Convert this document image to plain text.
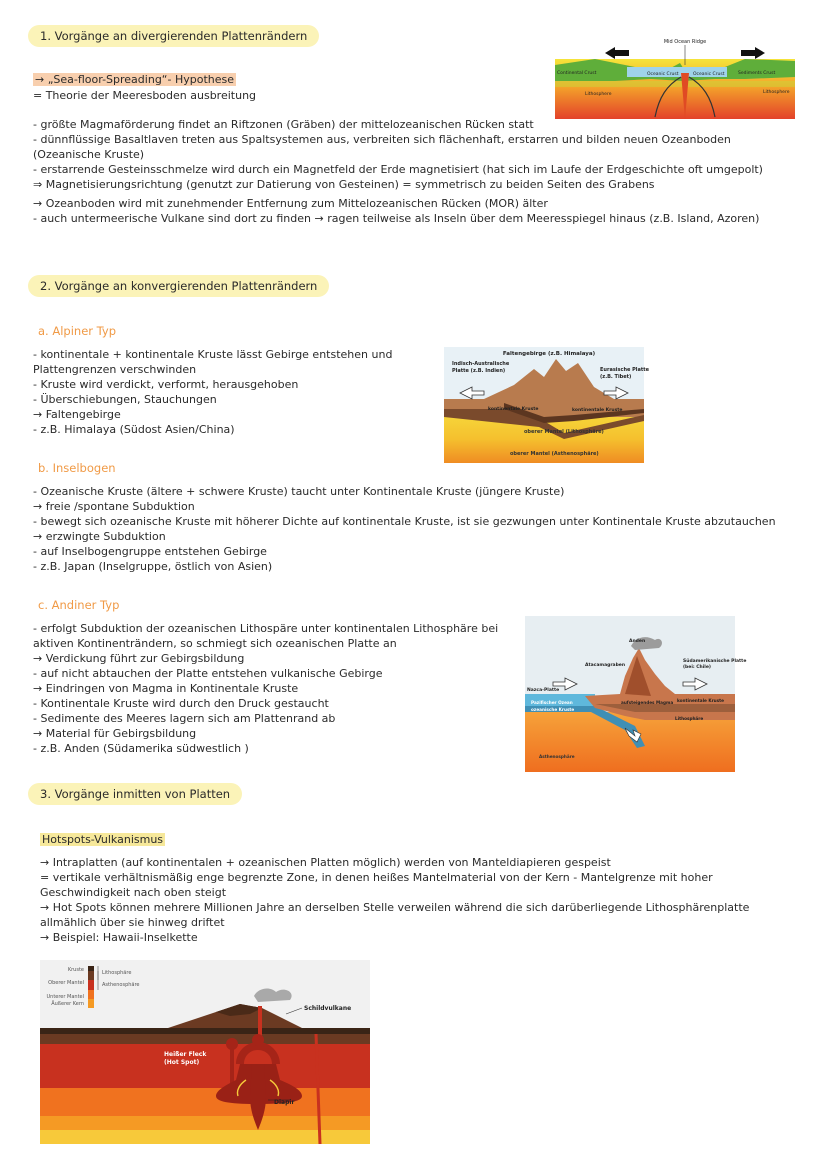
1. Vorgänge an divergierenden Plattenrändern
→ „Sea-floor-Spreading“- Hypothese
= Theorie der Meeresboden ausbreitung
- größte Magmaförderung findet an Riftzonen (Gräben) der mittelozeanischen Rücken statt
- dünnflüssige Basaltlaven treten aus Spaltsystemen aus, verbreiten sich flächenhaft, erstarren und bilden neuen Ozeanboden
(Ozeanische Kruste)
- erstarrende Gesteinsschmelze wird durch ein Magnetfeld der Erde magnetisiert (hat sich im Laufe der Erdgeschichte oft umgepolt)
⇒ Magnetisierungsrichtung (genutzt zur Datierung von Gesteinen) = symmetrisch zu beiden Seiten des Grabens
→ Ozeanboden wird mit zunehmender Entfernung zum Mittelozeanischen Rücken (MOR) älter
- auch untermeerische Vulkane sind dort zu finden → ragen teilweise als Inseln über dem Meeresspiegel hinaus (z.B. Island, Azoren)
Mid Ocean Ridge
Continental Crust	Oceanic Crust	Oceanic Crust	Sediments Crust
Lithosphere	Lithosphere
2. Vorgänge an konvergierenden Plattenrändern
a. Alpiner Typ
- kontinentale + kontinentale Kruste lässt Gebirge entstehen und
Plattengrenzen verschwinden
- Kruste wird verdickt, verformt, herausgehoben
- Überschiebungen, Stauchungen
→ Faltengebirge
- z.B. Himalaya (Südost Asien/China)
Faltengebirge (z.B. Himalaya)
Indisch-Australische
Platte (z.B. Indien)	Eurasische Platte
(z.B. Tibet)
kontinentale Kruste	kontinentale Kruste
oberer Mantel (Lithosphäre)
oberer Mantel (Asthenosphäre)
b. Inselbogen
- Ozeanische Kruste (ältere + schwere Kruste) taucht unter Kontinentale Kruste (jüngere Kruste)
→ freie /spontane Subduktion
- bewegt sich ozeanische Kruste mit höherer Dichte auf kontinentale Kruste, ist sie gezwungen unter Kontinentale Kruste abzutauchen
→ erzwingte Subduktion
- auf Inselbogengruppe entstehen Gebirge
- z.B. Japan (Inselgruppe, östlich von Asien)
c. Andiner Typ
- erfolgt Subduktion der ozeanischen Lithospäre unter kontinentalen Lithosphäre bei
aktiven Kontinenträndern, so schmiegt sich ozeanischen Platte an
→ Verdickung führt zur Gebirgsbildung
- auf nicht abtauchen der Platte entstehen vulkanische Gebirge
→ Eindringen von Magma in Kontinentale Kruste
- Kontinentale Kruste wird durch den Druck gestaucht
- Sedimente des Meeres lagern sich am Plattenrand ab
→ Material für Gebirgsbildung
- z.B. Anden (Südamerika südwestlich )
Anden
Atacamagraben
Nazca-Platte
Südamerikanische Platte
(bei: Chile)
Pazifischer Ozean
ozeanische Kruste
aufsteigendes Magma kontinentale Kruste
Lithosphäre
Asthenosphäre
3. Vorgänge inmitten von Platten
Hotspots-Vulkanismus
→ Intraplatten (auf kontinentalen + ozeanischen Platten möglich) werden von Manteldiapieren gespeist
= vertikale verhältnismäßig enge begrenzte Zone, in denen heißes Mantelmaterial von der Kern - Mantelgrenze mit hoher
Geschwindigkeit nach oben steigt
→ Hot Spots können mehrere Millionen Jahre an derselben Stelle verweilen während die sich darüberliegende Lithosphärenplatte
allmählich über sie hinweg driftet
→ Beispiel: Hawaii-Inselkette
Kruste
Oberer Mantel
Unterer Mantel
Äußerer Kern
Lithosphäre
Asthenosphäre
Schildvulkane
Heißer Fleck
(Hot Spot)
Diapir
